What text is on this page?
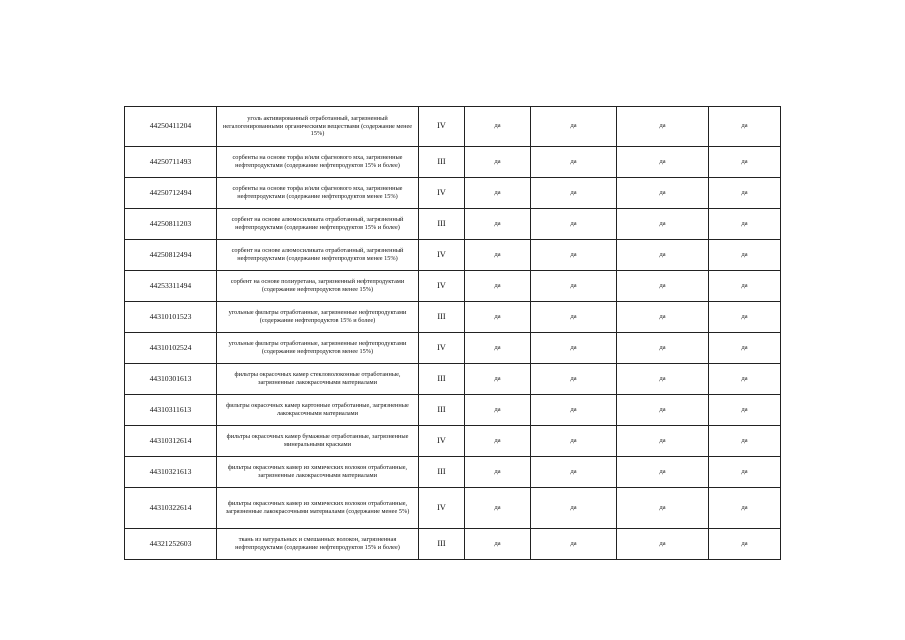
44250411204	уголь активированный отработанный, загрязненный негалогенированными органическими веществами (содержание менее 15%)	IV	да	да	да	да
44250711493	сорбенты на основе торфа и/или сфагнового мха, загрязненные нефтепродуктами (содержание нефтепродуктов 15% и более)	III	да	да	да	да
44250712494	сорбенты на основе торфа и/или сфагнового мха, загрязненные нефтепродуктами (содержание нефтепродуктов менее 15%)	IV	да	да	да	да
44250811203	сорбент на основе алюмосиликата отработанный, загрязненный нефтепродуктами (содержание нефтепродуктов 15% и более)	III	да	да	да	да
44250812494	сорбент на основе алюмосиликата отработанный, загрязненный нефтепродуктами (содержание нефтепродуктов менее 15%)	IV	да	да	да	да
44253311494	сорбент на основе полиуретана, загрязненный нефтепродуктами (содержание нефтепродуктов менее 15%)	IV	да	да	да	да
44310101523	угольные фильтры отработанные, загрязненные нефтепродуктами (содержание нефтепродуктов 15% и более)	III	да	да	да	да
44310102524	угольные фильтры отработанные, загрязненные нефтепродуктами (содержание нефтепродуктов менее 15%)	IV	да	да	да	да
44310301613	фильтры окрасочных камер стекловолоконные отработанные, загрязненные лакокрасочными материалами	III	да	да	да	да
44310311613	фильтры окрасочных камер картонные отработанные, загрязненные лакокрасочными материалами	III	да	да	да	да
44310312614	фильтры окрасочных камер бумажные отработанные, загрязненные минеральными красками	IV	да	да	да	да
44310321613	фильтры окрасочных камер из химических волокон отработанные, загрязненные лакокрасочными материалами	III	да	да	да	да
44310322614	фильтры окрасочных камер из химических волокон отработанные, загрязненные лакокрасочными материалами (содержание менее 5%)	IV	да	да	да	да
44321252603	ткань из натуральных и смешанных волокон, загрязненная нефтепродуктами (содержание нефтепродуктов 15% и более)	III	да	да	да	да
